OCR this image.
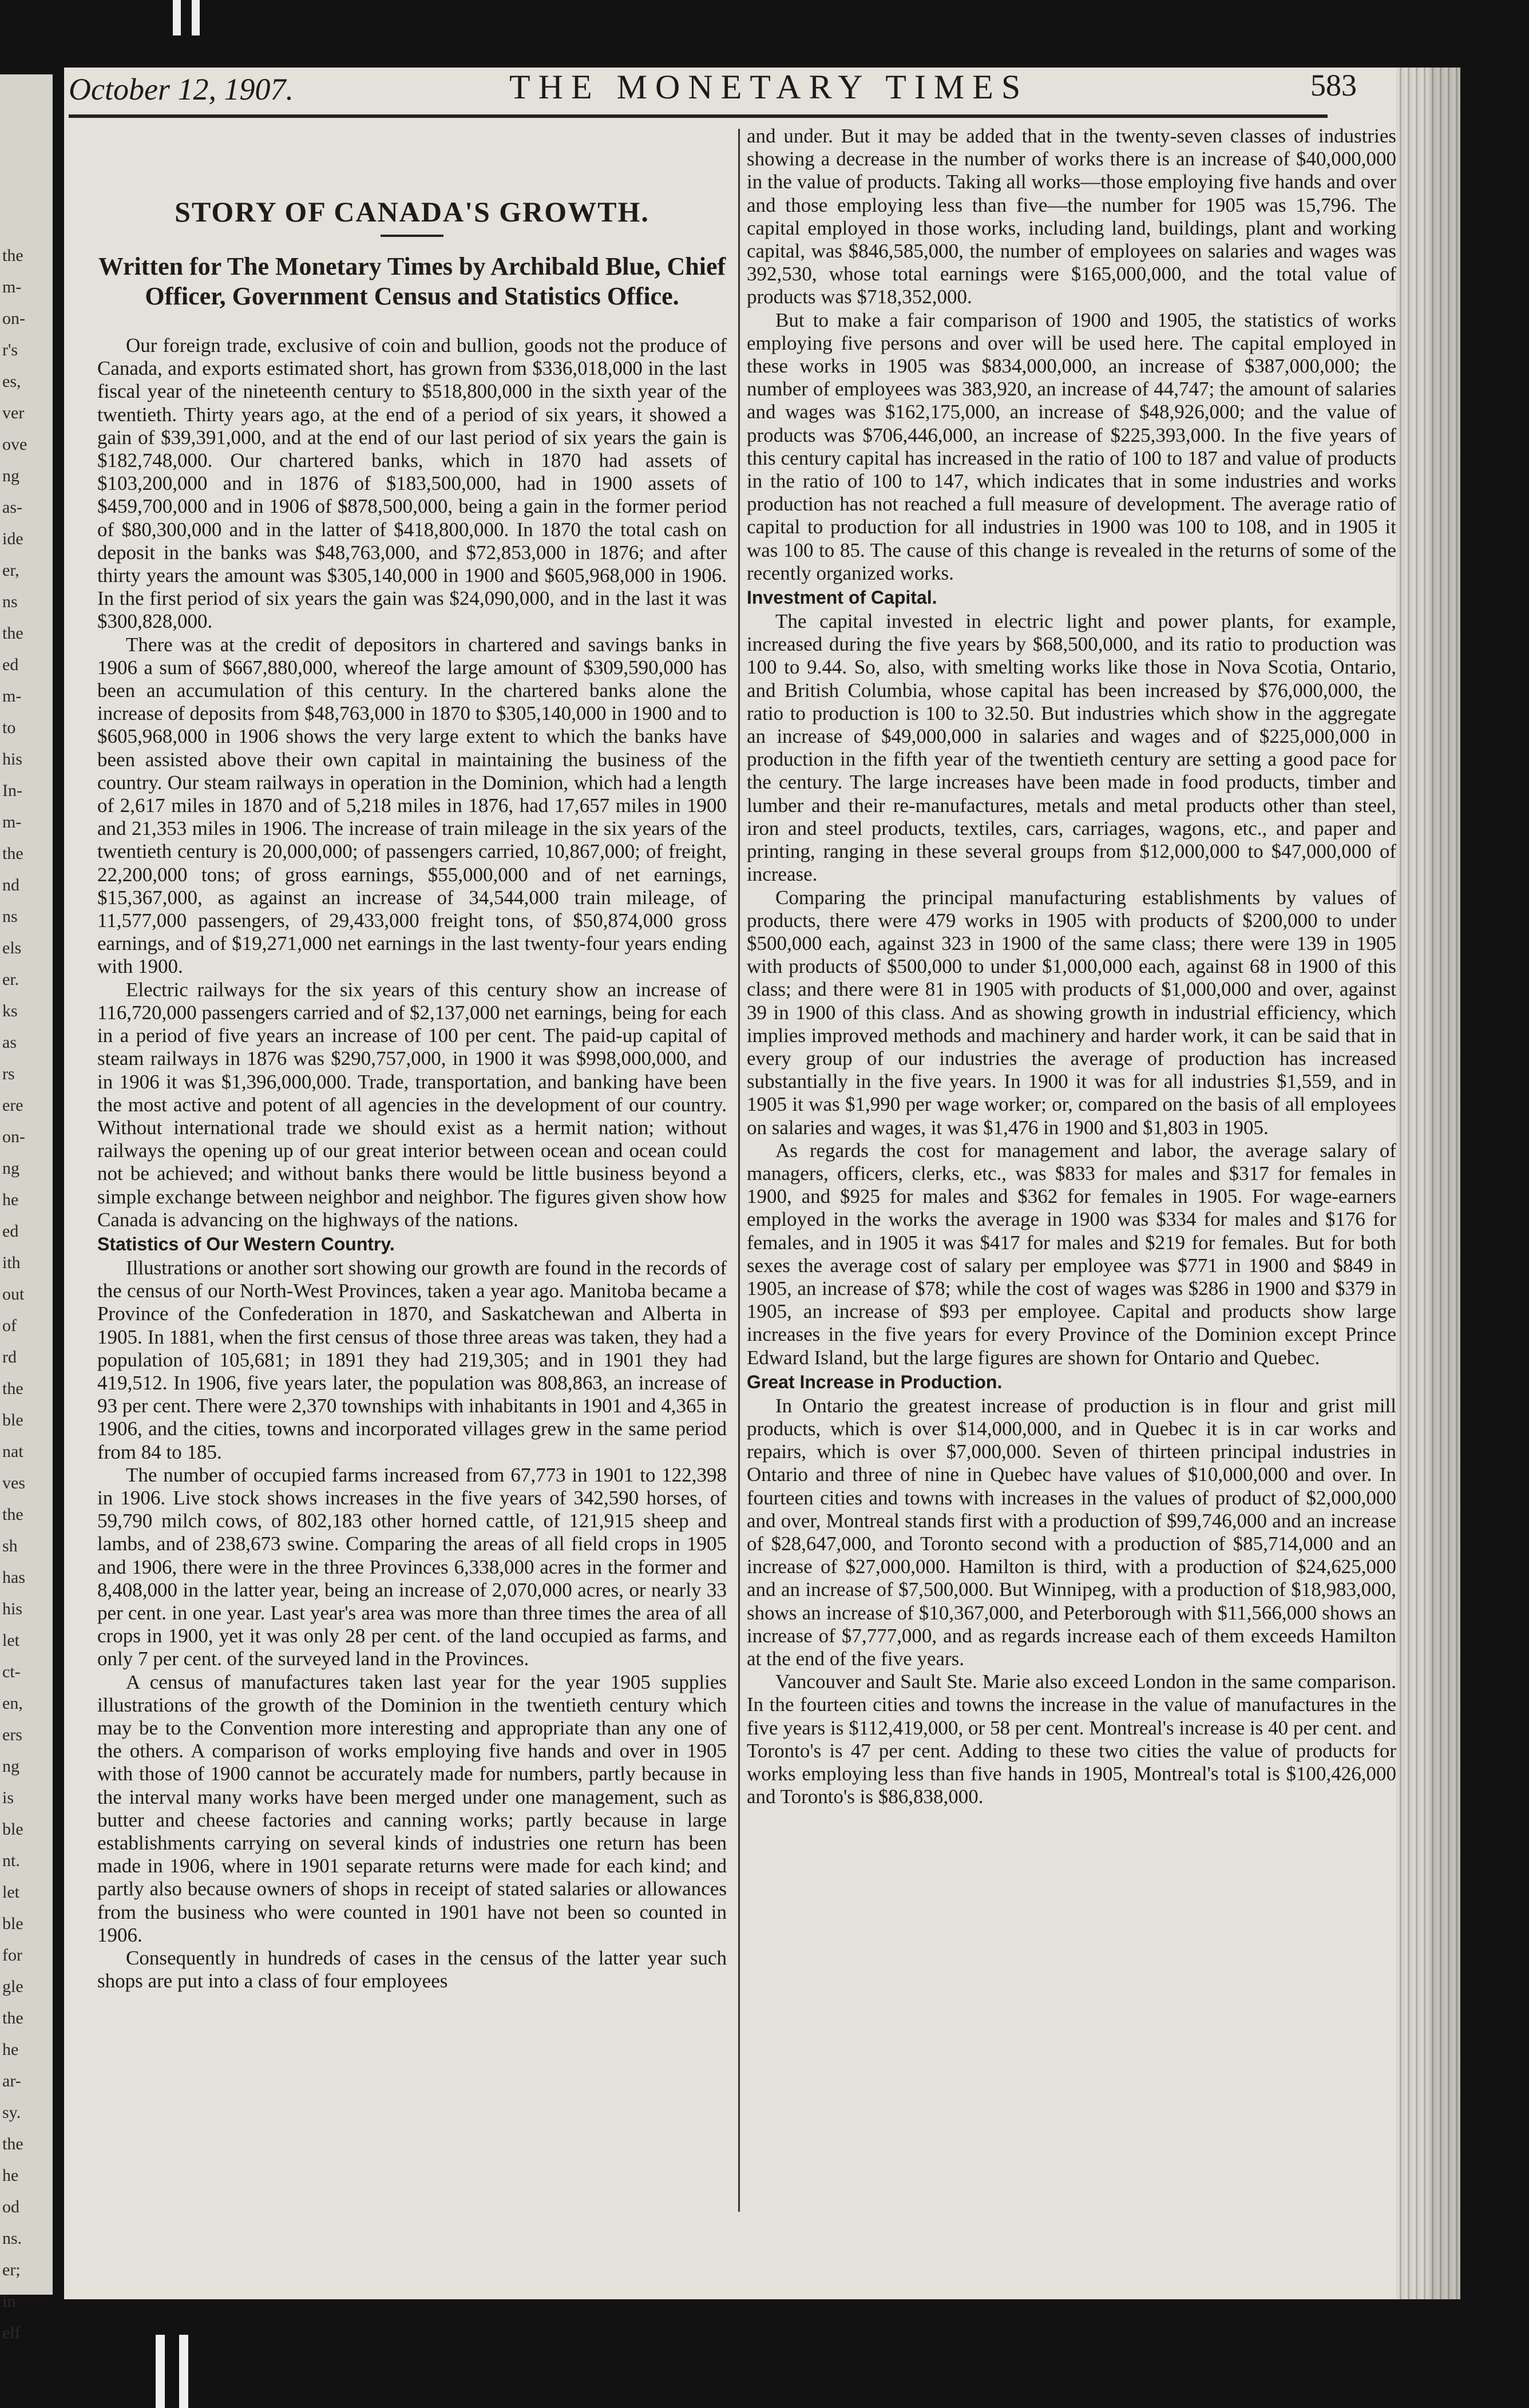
the
m-
on-
r's
es,
ver
ove
ng
as-
ide
er,
ns
the
ed
m-
to
his
In-
m-
the
nd
ns
els
er.
ks
as
rs
ere
on-
ng
he
ed
ith
out
of
rd
the
ble
nat
ves
the
sh
has
his
let
ct-
en,
ers
ng
is
ble
nt.
let
ble
for
gle
the
he
ar-
sy.
the
he
od
ns.
er;
in
elf
October 12, 1907.	THE MONETARY TIMES	583
STORY OF CANADA'S GROWTH.
Written for The Monetary Times by Archibald Blue, Chief Officer, Government Census and Statistics Office.

Our foreign trade, exclusive of coin and bullion, goods not the produce of Canada, and exports estimated short, has grown from $336,018,000 in the last fiscal year of the nineteenth century to $518,800,000 in the sixth year of the twentieth. Thirty years ago, at the end of a period of six years, it showed a gain of $39,391,000, and at the end of our last period of six years the gain is $182,748,000. Our chartered banks, which in 1870 had assets of $103,200,000 and in 1876 of $183,500,000, had in 1900 assets of $459,700,000 and in 1906 of $878,500,000, being a gain in the former period of $80,300,000 and in the latter of $418,800,000. In 1870 the total cash on deposit in the banks was $48,763,000, and $72,853,000 in 1876; and after thirty years the amount was $305,140,000 in 1900 and $605,968,000 in 1906. In the first period of six years the gain was $24,090,000, and in the last it was $300,828,000.

There was at the credit of depositors in chartered and savings banks in 1906 a sum of $667,880,000, whereof the large amount of $309,590,000 has been an accumulation of this century. In the chartered banks alone the increase of deposits from $48,763,000 in 1870 to $305,140,000 in 1900 and to $605,968,000 in 1906 shows the very large extent to which the banks have been assisted above their own capital in maintaining the business of the country. Our steam railways in operation in the Dominion, which had a length of 2,617 miles in 1870 and of 5,218 miles in 1876, had 17,657 miles in 1900 and 21,353 miles in 1906. The increase of train mileage in the six years of the twentieth century is 20,000,000; of passengers carried, 10,867,000; of freight, 22,200,000 tons; of gross earnings, $55,000,000 and of net earnings, $15,367,000, as against an increase of 34,544,000 train mileage, of 11,577,000 passengers, of 29,433,000 freight tons, of $50,874,000 gross earnings, and of $19,271,000 net earnings in the last twenty-four years ending with 1900.

Electric railways for the six years of this century show an increase of 116,720,000 passengers carried and of $2,137,000 net earnings, being for each in a period of five years an increase of 100 per cent. The paid-up capital of steam railways in 1876 was $290,757,000, in 1900 it was $998,000,000, and in 1906 it was $1,396,000,000. Trade, transportation, and banking have been the most active and potent of all agencies in the development of our country. Without international trade we should exist as a hermit nation; without railways the opening up of our great interior between ocean and ocean could not be achieved; and without banks there would be little business beyond a simple exchange between neighbor and neighbor. The figures given show how Canada is advancing on the highways of the nations.

Statistics of Our Western Country.

Illustrations or another sort showing our growth are found in the records of the census of our North-West Provinces, taken a year ago. Manitoba became a Province of the Confederation in 1870, and Saskatchewan and Alberta in 1905. In 1881, when the first census of those three areas was taken, they had a population of 105,681; in 1891 they had 219,305; and in 1901 they had 419,512. In 1906, five years later, the population was 808,863, an increase of 93 per cent. There were 2,370 townships with inhabitants in 1901 and 4,365 in 1906, and the cities, towns and incorporated villages grew in the same period from 84 to 185.

The number of occupied farms increased from 67,773 in 1901 to 122,398 in 1906. Live stock shows increases in the five years of 342,590 horses, of 59,790 milch cows, of 802,183 other horned cattle, of 121,915 sheep and lambs, and of 238,673 swine. Comparing the areas of all field crops in 1905 and 1906, there were in the three Provinces 6,338,000 acres in the former and 8,408,000 in the latter year, being an increase of 2,070,000 acres, or nearly 33 per cent. in one year. Last year's area was more than three times the area of all crops in 1900, yet it was only 28 per cent. of the land occupied as farms, and only 7 per cent. of the surveyed land in the Provinces.

A census of manufactures taken last year for the year 1905 supplies illustrations of the growth of the Dominion in the twentieth century which may be to the Convention more interesting and appropriate than any one of the others. A comparison of works employing five hands and over in 1905 with those of 1900 cannot be accurately made for numbers, partly because in the interval many works have been merged under one management, such as butter and cheese factories and canning works; partly because in large establishments carrying on several kinds of industries one return has been made in 1906, where in 1901 separate returns were made for each kind; and partly also because owners of shops in receipt of stated salaries or allowances from the business who were counted in 1901 have not been so counted in 1906.

Consequently in hundreds of cases in the census of the latter year such shops are put into a class of four employees

and under. But it may be added that in the twenty-seven classes of industries showing a decrease in the number of works there is an increase of $40,000,000 in the value of products. Taking all works—those employing five hands and over and those employing less than five—the number for 1905 was 15,796. The capital employed in those works, including land, buildings, plant and working capital, was $846,585,000, the number of employees on salaries and wages was 392,530, whose total earnings were $165,000,000, and the total value of products was $718,352,000.

But to make a fair comparison of 1900 and 1905, the statistics of works employing five persons and over will be used here. The capital employed in these works in 1905 was $834,000,000, an increase of $387,000,000; the number of employees was 383,920, an increase of 44,747; the amount of salaries and wages was $162,175,000, an increase of $48,926,000; and the value of products was $706,446,000, an increase of $225,393,000. In the five years of this century capital has increased in the ratio of 100 to 187 and value of products in the ratio of 100 to 147, which indicates that in some industries and works production has not reached a full measure of development. The average ratio of capital to production for all industries in 1900 was 100 to 108, and in 1905 it was 100 to 85. The cause of this change is revealed in the returns of some of the recently organized works.

Investment of Capital.

The capital invested in electric light and power plants, for example, increased during the five years by $68,500,000, and its ratio to production was 100 to 9.44. So, also, with smelting works like those in Nova Scotia, Ontario, and British Columbia, whose capital has been increased by $76,000,000, the ratio to production is 100 to 32.50. But industries which show in the aggregate an increase of $49,000,000 in salaries and wages and of $225,000,000 in production in the fifth year of the twentieth century are setting a good pace for the century. The large increases have been made in food products, timber and lumber and their re-manufactures, metals and metal products other than steel, iron and steel products, textiles, cars, carriages, wagons, etc., and paper and printing, ranging in these several groups from $12,000,000 to $47,000,000 of increase.

Comparing the principal manufacturing establishments by values of products, there were 479 works in 1905 with products of $200,000 to under $500,000 each, against 323 in 1900 of the same class; there were 139 in 1905 with products of $500,000 to under $1,000,000 each, against 68 in 1900 of this class; and there were 81 in 1905 with products of $1,000,000 and over, against 39 in 1900 of this class. And as showing growth in industrial efficiency, which implies improved methods and machinery and harder work, it can be said that in every group of our industries the average of production has increased substantially in the five years. In 1900 it was for all industries $1,559, and in 1905 it was $1,990 per wage worker; or, compared on the basis of all employees on salaries and wages, it was $1,476 in 1900 and $1,803 in 1905.

As regards the cost for management and labor, the average salary of managers, officers, clerks, etc., was $833 for males and $317 for females in 1900, and $925 for males and $362 for females in 1905. For wage-earners employed in the works the average in 1900 was $334 for males and $176 for females, and in 1905 it was $417 for males and $219 for females. But for both sexes the average cost of salary per employee was $771 in 1900 and $849 in 1905, an increase of $78; while the cost of wages was $286 in 1900 and $379 in 1905, an increase of $93 per employee. Capital and products show large increases in the five years for every Province of the Dominion except Prince Edward Island, but the large figures are shown for Ontario and Quebec.

Great Increase in Production.

In Ontario the greatest increase of production is in flour and grist mill products, which is over $14,000,000, and in Quebec it is in car works and repairs, which is over $7,000,000. Seven of thirteen principal industries in Ontario and three of nine in Quebec have values of $10,000,000 and over. In fourteen cities and towns with increases in the values of product of $2,000,000 and over, Montreal stands first with a production of $99,746,000 and an increase of $28,647,000, and Toronto second with a production of $85,714,000 and an increase of $27,000,000. Hamilton is third, with a production of $24,625,000 and an increase of $7,500,000. But Winnipeg, with a production of $18,983,000, shows an increase of $10,367,000, and Peterborough with $11,566,000 shows an increase of $7,777,000, and as regards increase each of them exceeds Hamilton at the end of the five years.

Vancouver and Sault Ste. Marie also exceed London in the same comparison. In the fourteen cities and towns the increase in the value of manufactures in the five years is $112,419,000, or 58 per cent. Montreal's increase is 40 per cent. and Toronto's is 47 per cent. Adding to these two cities the value of products for works employing less than five hands in 1905, Montreal's total is $100,426,000 and Toronto's is $86,838,000.
